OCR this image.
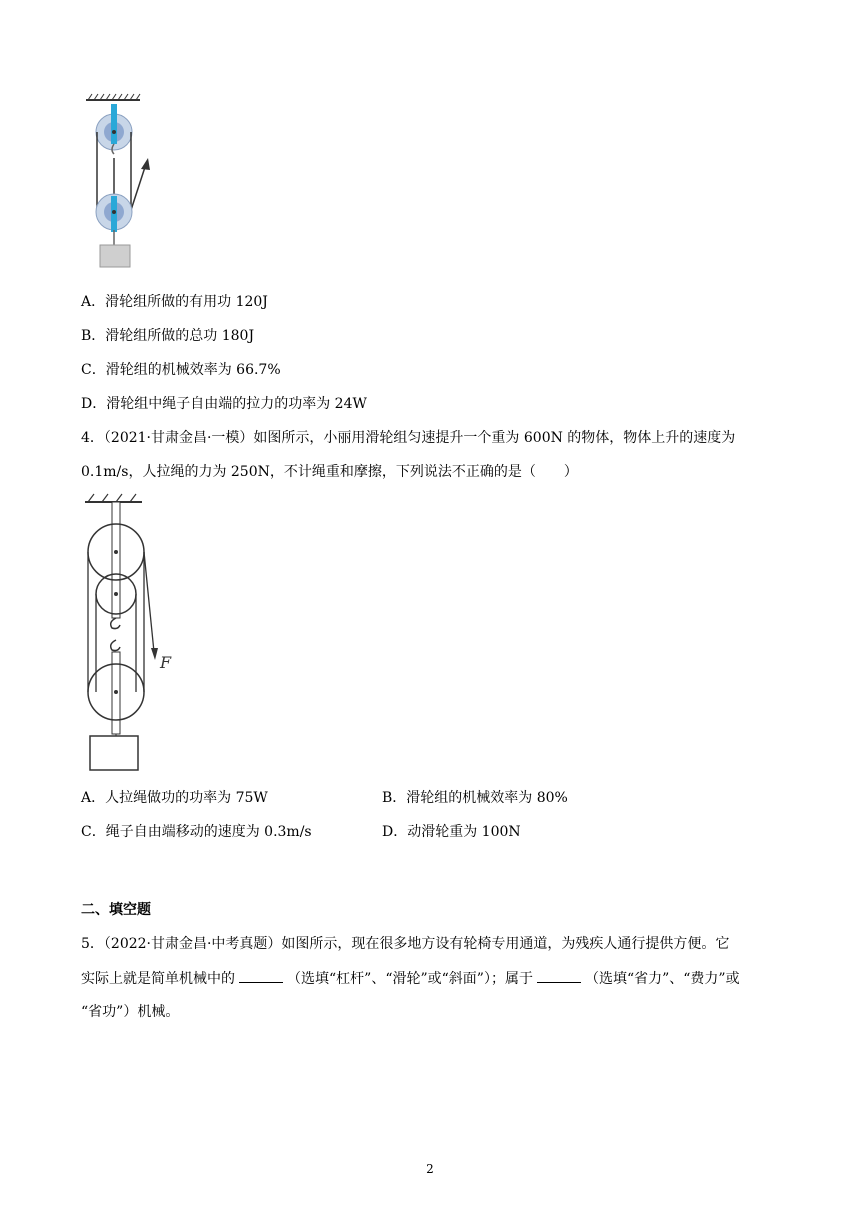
A．滑轮组所做的有用功 120J
B．滑轮组所做的总功 180J
C．滑轮组的机械效率为 66.7%
D．滑轮组中绳子自由端的拉力的功率为 24W
4．（2021·甘肃金昌·一模）如图所示，小丽用滑轮组匀速提升一个重为 600N 的物体，物体上升的速度为
0.1m/s，人拉绳的力为 250N，不计绳重和摩擦，下列说法不正确的是（　　）
F
A．人拉绳做功的功率为 75W	B．滑轮组的机械效率为 80%
C．绳子自由端移动的速度为 0.3m/s	D．动滑轮重为 100N
二、填空题
5．（2022·甘肃金昌·中考真题）如图所示，现在很多地方设有轮椅专用通道，为残疾人通行提供方便。它
实际上就是简单机械中的	（选填“杠杆”、“滑轮”或“斜面”）；属于	（选填“省力”、“费力”或
“省功”）机械。
2
